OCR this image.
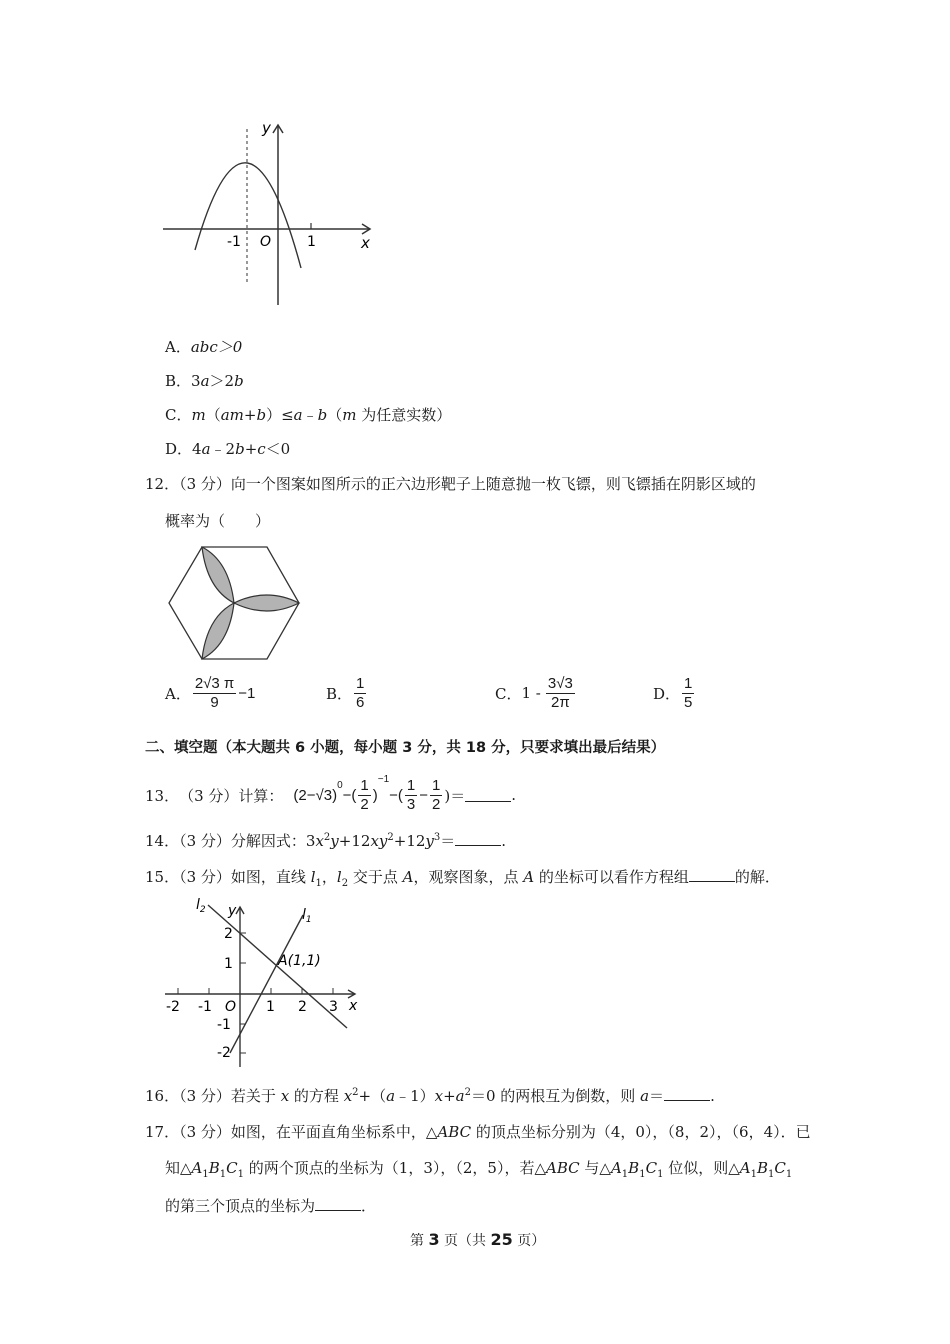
y
x
-1 O	1
A．abc＞0
B．3a＞2b
C．m（am+b）≤a﹣b（m 为任意实数）
D．4a﹣2b+c＜0
12．（3 分）向一个图案如图所示的正六边形靶子上随意抛一枚飞镖，则飞镖插在阴影区域的
概率为（　　）
A． $\frac{2√3 \pi}{9} -1$	B． $\frac{1}{6}$	C． $1 - \frac{3√3}{2\pi}$	D． $\frac{1}{5}$
二、填空题（本大题共 6 小题，每小题 3 分，共 18 分，只要求填出最后结果）
13． （3 分）计算： (2−√3)
$^0$
−( $\frac{1}{2}$ )
−1
−( $\frac{1}{3} - \frac{1}{2}$ )＝	.
14．（3 分）分解因式：$3x^2y+12xy^2+12y^3=$	.
15．（3 分）如图，直线 $l_1$，$l_2$ 交于点 A，观察图象，点 A 的坐标可以看作方程组	的解．
$l_2$	$l_1$
y
x
A(1,1)
2
1
-1
-2
-2 -1 O 1 2 3
16．（3 分）若关于 x 的方程 $x^2+(a﹣1)x+a^2=0$ 的两根互为倒数，则 a＝	.
17．（3 分）如图，在平面直角坐标系中，△ABC 的顶点坐标分别为（4，0），（8，2），（6，4）．已
知$\triangle A_1B_1C_1$ 的两个顶点的坐标为（1，3），（2，5），若△ABC 与$\triangle A_1B_1C_1$ 位似，则$\triangle A_1B_1C_1$
的第三个顶点的坐标为	．
第 3 页（共 25 页）
